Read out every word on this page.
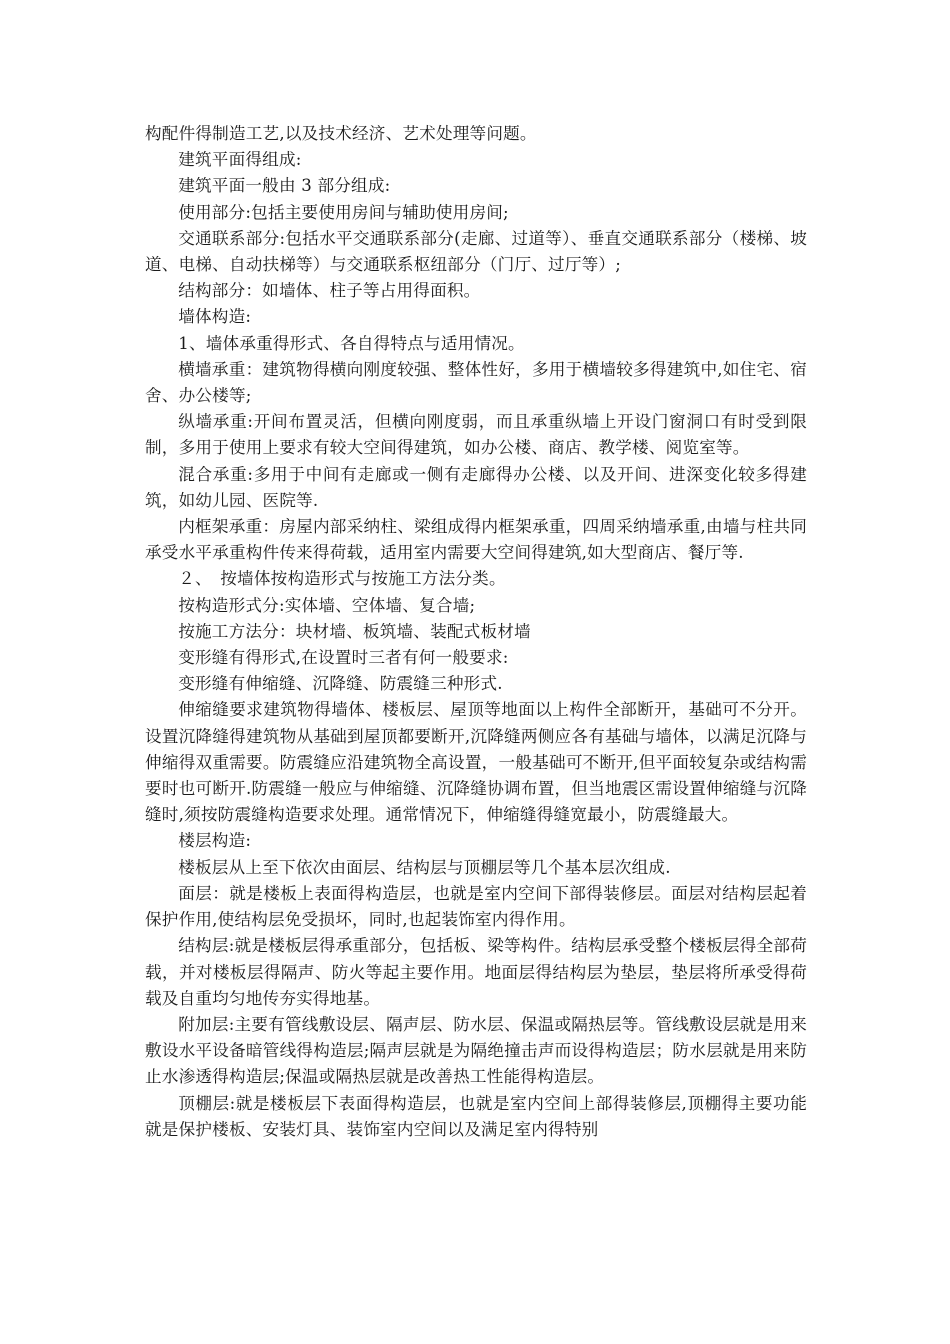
构配件得制造工艺,以及技术经济、艺术处理等问题。

建筑平面得组成:

建筑平面一般由 3 部分组成:

使用部分:包括主要使用房间与辅助使用房间;

交通联系部分:包括水平交通联系部分(走廊、过道等）、垂直交通联系部分（楼梯、坡道、电梯、自动扶梯等）与交通联系枢纽部分（门厅、过厅等）;

结构部分：如墙体、柱子等占用得面积。

墙体构造:

1、墙体承重得形式、各自得特点与适用情况。

横墙承重：建筑物得横向刚度较强、整体性好，多用于横墙较多得建筑中,如住宅、宿舍、办公楼等;

纵墙承重:开间布置灵活，但横向刚度弱，而且承重纵墙上开设门窗洞口有时受到限制，多用于使用上要求有较大空间得建筑，如办公楼、商店、教学楼、阅览室等。

混合承重:多用于中间有走廊或一侧有走廊得办公楼、以及开间、进深变化较多得建筑，如幼儿园、医院等.

内框架承重：房屋内部采纳柱、梁组成得内框架承重，四周采纳墙承重,由墙与柱共同承受水平承重构件传来得荷载，适用室内需要大空间得建筑,如大型商店、餐厅等.

２、　按墙体按构造形式与按施工方法分类。

按构造形式分:实体墙、空体墙、复合墙;

按施工方法分：块材墙、板筑墙、装配式板材墙

变形缝有得形式,在设置时三者有何一般要求:

变形缝有伸缩缝、沉降缝、防震缝三种形式.

伸缩缝要求建筑物得墙体、楼板层、屋顶等地面以上构件全部断开，基础可不分开。设置沉降缝得建筑物从基础到屋顶都要断开,沉降缝两侧应各有基础与墙体，以满足沉降与伸缩得双重需要。防震缝应沿建筑物全高设置，一般基础可不断开,但平面较复杂或结构需要时也可断开.防震缝一般应与伸缩缝、沉降缝协调布置，但当地震区需设置伸缩缝与沉降缝时,须按防震缝构造要求处理。通常情况下，伸缩缝得缝宽最小，防震缝最大。

楼层构造:

楼板层从上至下依次由面层、结构层与顶棚层等几个基本层次组成.

面层：就是楼板上表面得构造层，也就是室内空间下部得装修层。面层对结构层起着保护作用,使结构层免受损坏，同时,也起装饰室内得作用。

结构层:就是楼板层得承重部分，包括板、梁等构件。结构层承受整个楼板层得全部荷载，并对楼板层得隔声、防火等起主要作用。地面层得结构层为垫层，垫层将所承受得荷载及自重均匀地传夯实得地基。

附加层:主要有管线敷设层、隔声层、防水层、保温或隔热层等。管线敷设层就是用来敷设水平设备暗管线得构造层;隔声层就是为隔绝撞击声而设得构造层；防水层就是用来防止水渗透得构造层;保温或隔热层就是改善热工性能得构造层。

顶棚层:就是楼板层下表面得构造层，也就是室内空间上部得装修层,顶棚得主要功能就是保护楼板、安装灯具、装饰室内空间以及满足室内得特别
